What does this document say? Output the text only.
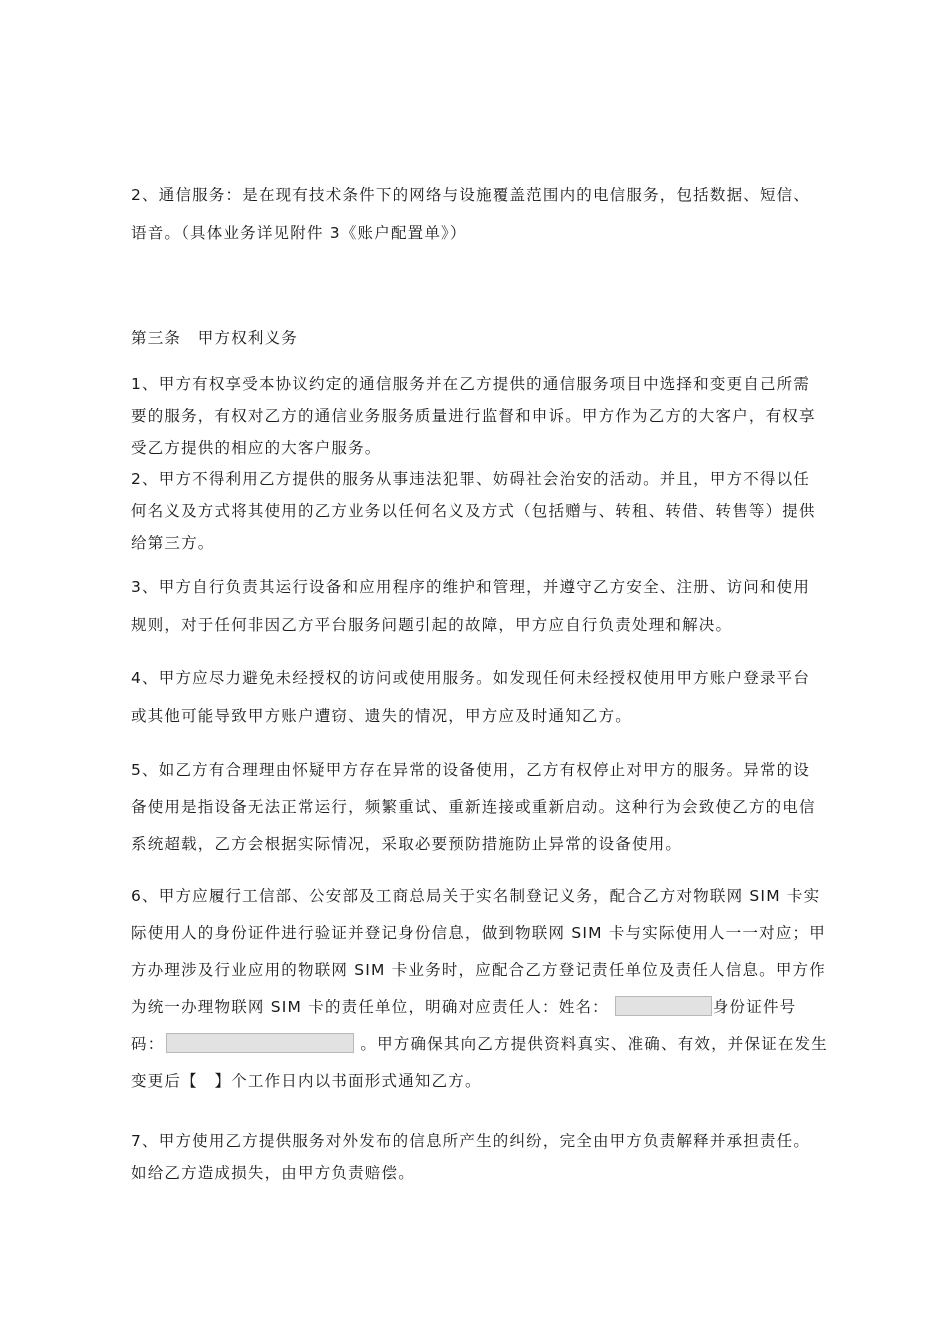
2、通信服务：是在现有技术条件下的网络与设施覆盖范围内的电信服务，包括数据、短信、
语音。（具体业务详见附件 3《账户配置单》）
第三条　甲方权利义务
1、甲方有权享受本协议约定的通信服务并在乙方提供的通信服务项目中选择和变更自己所需
要的服务，有权对乙方的通信业务服务质量进行监督和申诉。甲方作为乙方的大客户，有权享
受乙方提供的相应的大客户服务。
2、甲方不得利用乙方提供的服务从事违法犯罪、妨碍社会治安的活动。并且，甲方不得以任
何名义及方式将其使用的乙方业务以任何名义及方式（包括赠与、转租、转借、转售等）提供
给第三方。
3、甲方自行负责其运行设备和应用程序的维护和管理，并遵守乙方安全、注册、访问和使用
规则，对于任何非因乙方平台服务问题引起的故障，甲方应自行负责处理和解决。
4、甲方应尽力避免未经授权的访问或使用服务。如发现任何未经授权使用甲方账户登录平台
或其他可能导致甲方账户遭窃、遗失的情况，甲方应及时通知乙方。
5、如乙方有合理理由怀疑甲方存在异常的设备使用，乙方有权停止对甲方的服务。异常的设
备使用是指设备无法正常运行，频繁重试、重新连接或重新启动。这种行为会致使乙方的电信
系统超载，乙方会根据实际情况，采取必要预防措施防止异常的设备使用。
6、甲方应履行工信部、公安部及工商总局关于实名制登记义务，配合乙方对物联网 SIM 卡实
际使用人的身份证件进行验证并登记身份信息，做到物联网 SIM 卡与实际使用人一一对应；甲
方办理涉及行业应用的物联网 SIM 卡业务时，应配合乙方登记责任单位及责任人信息。甲方作
为统一办理物联网 SIM 卡的责任单位，明确对应责任人：姓名：	身份证件号
码：	。甲方确保其向乙方提供资料真实、准确、有效，并保证在发生
变更后【　】个工作日内以书面形式通知乙方。
7、甲方使用乙方提供服务对外发布的信息所产生的纠纷，完全由甲方负责解释并承担责任。
如给乙方造成损失，由甲方负责赔偿。
